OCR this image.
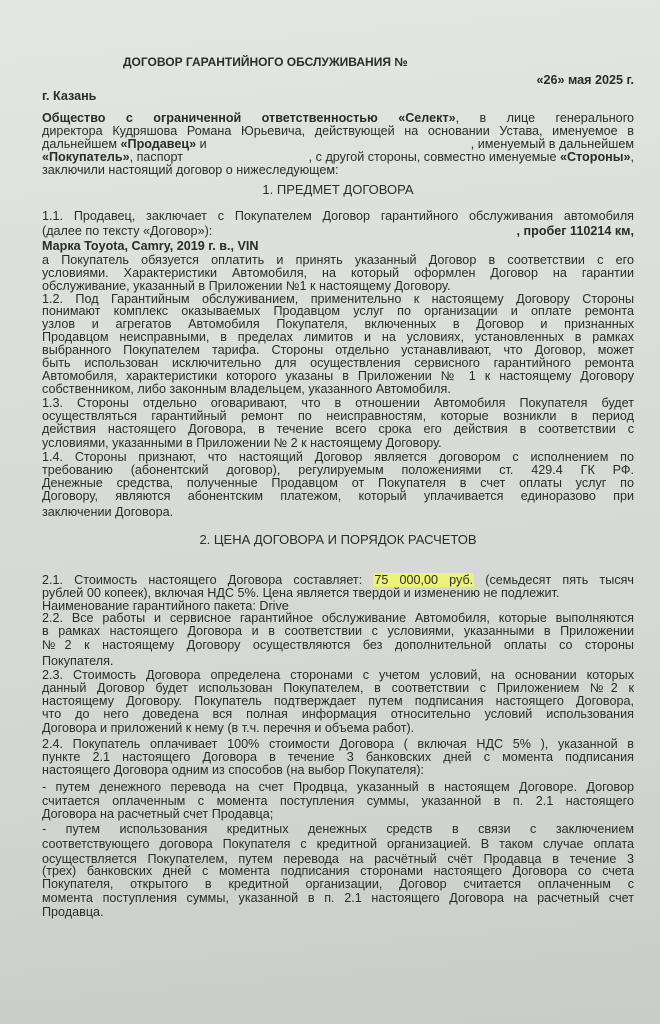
ДОГОВОР ГАРАНТИЙНОГО ОБСЛУЖИВАНИЯ №
«26» мая 2025 г.
г. Казань
Общество с ограниченной ответственностью «Селект», в лице генерального
директора Кудряшова Романа Юрьевича, действующей на основании Устава, именуемое в
дальнейшем «Продавец» и	, именуемый в дальнейшем
«Покупатель», паспорт	, с другой стороны, совместно именуемые «Стороны»,
заключили настоящий договор о нижеследующем:
1. ПРЕДМЕТ ДОГОВОРА
1.1. Продавец, заключает с Покупателем Договор гарантийного обслуживания автомобиля
(далее по тексту «Договор»):	, пробег 110214 км,
Марка Toyota, Camry, 2019 г. в., VIN
а Покупатель обязуется оплатить и принять указанный Договор в соответствии с его
условиями. Характеристики Автомобиля, на который оформлен Договор на гарантии
обслуживание, указанный в Приложении №1 к настоящему Договору.
1.2. Под Гарантийным обслуживанием, применительно к настоящему Договору Стороны
понимают комплекс оказываемых Продавцом услуг по организации и оплате ремонта
узлов и агрегатов Автомобиля Покупателя, включенных в Договор и признанных
Продавцом неисправными, в пределах лимитов и на условиях, установленных в рамках
выбранного Покупателем тарифа. Стороны отдельно устанавливают, что Договор, может
быть использован исключительно для осуществления сервисного гарантийного ремонта
Автомобиля, характеристики которого указаны в Приложении № 1 к настоящему Договору
собственником, либо законным владельцем, указанного Автомобиля.
1.3. Стороны отдельно оговаривают, что в отношении Автомобиля Покупателя будет
осуществляться гарантийный ремонт по неисправностям, которые возникли в период
действия настоящего Договора, в течение всего срока его действия в соответствии с
условиями, указанными в Приложении № 2 к настоящему Договору.
1.4. Стороны признают, что настоящий Договор является договором с исполнением по
требованию (абонентский договор), регулируемым положениями ст. 429.4 ГК РФ.
Денежные средства, полученные Продавцом от Покупателя в счет оплаты услуг по
Договору, являются абонентским платежом, который уплачивается единоразово при
заключении Договора.
2. ЦЕНА ДОГОВОРА И ПОРЯДОК РАСЧЕТОВ
2.1. Стоимость настоящего Договора составляет: 75 000,00 руб. (семьдесят пять тысяч
рублей 00 копеек), включая НДС 5%. Цена является твердой и изменению не подлежит.
Наименование гарантийного пакета: Drive
2.2. Все работы и сервисное гарантийное обслуживание Автомобиля, которые выполняются
в рамках настоящего Договора и в соответствии с условиями, указанными в Приложении
№2 к настоящему Договору осуществляются без дополнительной оплаты со стороны
Покупателя.
2.3. Стоимость Договора определена сторонами с учетом условий, на основании которых
данный Договор будет использован Покупателем, в соответствии с Приложением №2 к
настоящему Договору. Покупатель подтверждает путем подписания настоящего Договора,
что до него доведена вся полная информация относительно условий использования
Договора и приложений к нему (в т.ч. перечня и объема работ).
2.4. Покупатель оплачивает 100% стоимости Договора ( включая НДС 5% ), указанной в
пункте 2.1 настоящего Договора в течение 3 банковских дней с момента подписания
настоящего Договора одним из способов (на выбор Покупателя):
- путем денежного перевода на счет Продвца, указанный в настоящем Договоре. Договор
считается оплаченным с момента поступления суммы, указанной в п. 2.1 настоящего
Договора на расчетный счет Продавца;
- путем использования кредитных денежных средств в связи с заключением
соответствующего договора Покупателя с кредитной организацией. В таком случае оплата
осуществляется Покупателем, путем перевода на расчётный счёт Продавца в течение 3
(трех) банковских дней с момента подписания сторонами настоящего Договора со счета
Покупателя, открытого в кредитной организации, Договор считается оплаченным с
момента поступления суммы, указанной в п. 2.1 настоящего Договора на расчетный счет
Продавца.
